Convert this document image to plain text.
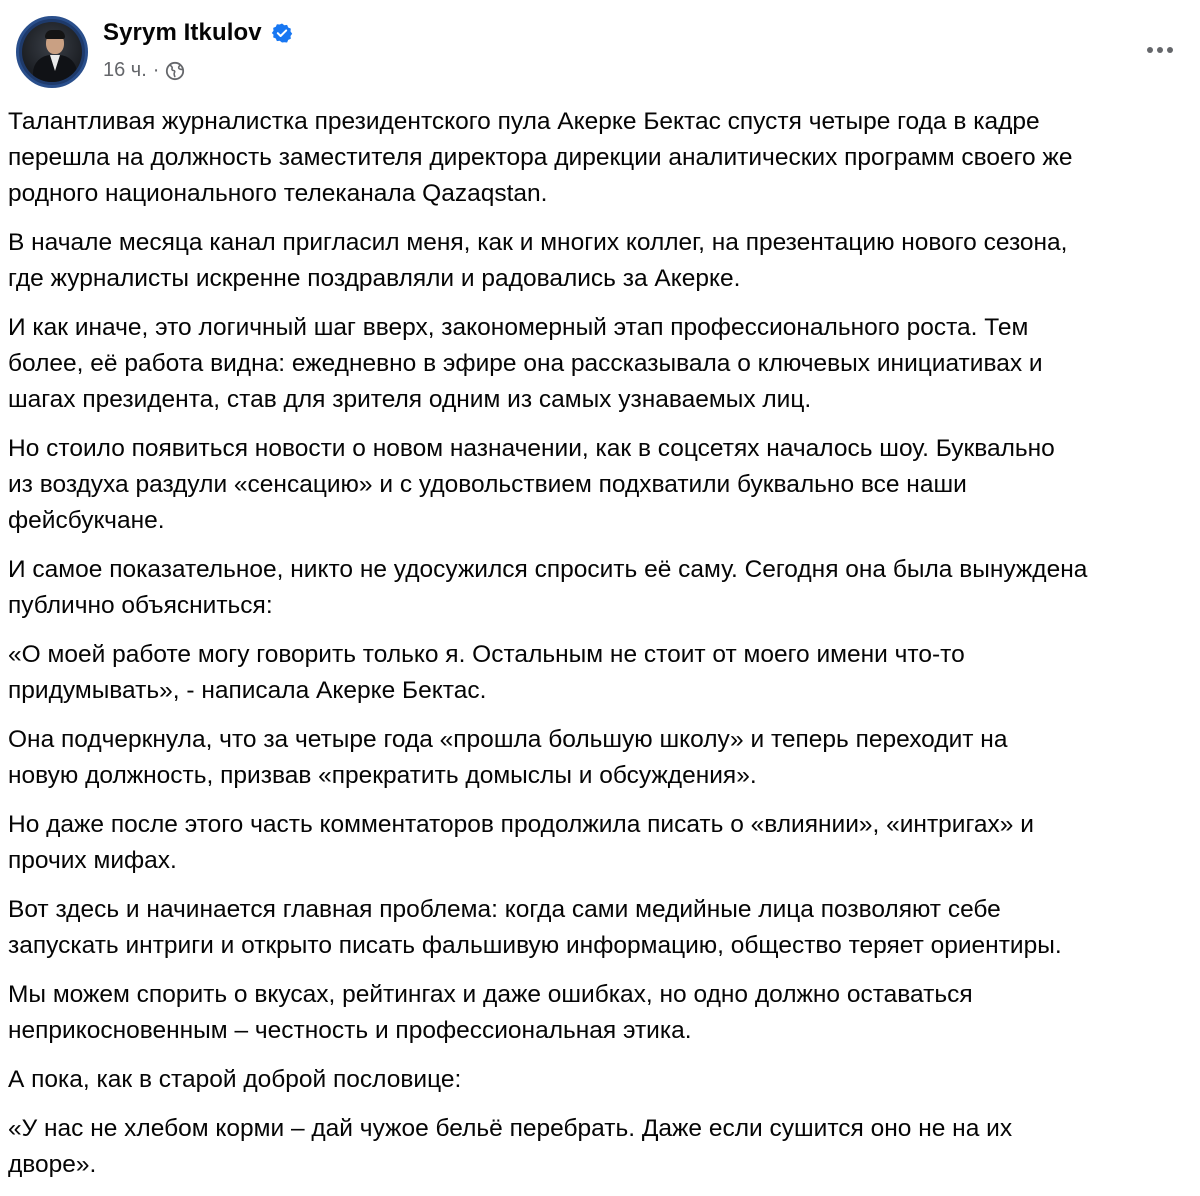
Syrym Itkulov
16 ч. ·

Талантливая журналистка президентского пула Акерке Бектас спустя четыре года в кадре
перешла на должность заместителя директора дирекции аналитических программ своего же
родного национального телеканала Qazaqstan.

В начале месяца канал пригласил меня, как и многих коллег, на презентацию нового сезона,
где журналисты искренне поздравляли и радовались за Акерке.

И как иначе, это логичный шаг вверх, закономерный этап профессионального роста. Тем
более, её работа видна: ежедневно в эфире она рассказывала о ключевых инициативах и
шагах президента, став для зрителя одним из самых узнаваемых лиц.

Но стоило появиться новости о новом назначении, как в соцсетях началось шоу. Буквально
из воздуха раздули «сенсацию» и с удовольствием подхватили буквально все наши
фейсбукчане.

И самое показательное, никто не удосужился спросить её саму. Сегодня она была вынуждена
публично объясниться:

«О моей работе могу говорить только я. Остальным не стоит от моего имени что-то
придумывать», - написала Акерке Бектас.

Она подчеркнула, что за четыре года «прошла большую школу» и теперь переходит на
новую должность, призвав «прекратить домыслы и обсуждения».

Но даже после этого часть комментаторов продолжила писать о «влиянии», «интригах» и
прочих мифах.

Вот здесь и начинается главная проблема: когда сами медийные лица позволяют себе
запускать интриги и открыто писать фальшивую информацию, общество теряет ориентиры.

Мы можем спорить о вкусах, рейтингах и даже ошибках, но одно должно оставаться
неприкосновенным – честность и профессиональная этика.

А пока, как в старой доброй пословице:

«У нас не хлебом корми – дай чужое бельё перебрать. Даже если сушится оно не на их
дворе».
